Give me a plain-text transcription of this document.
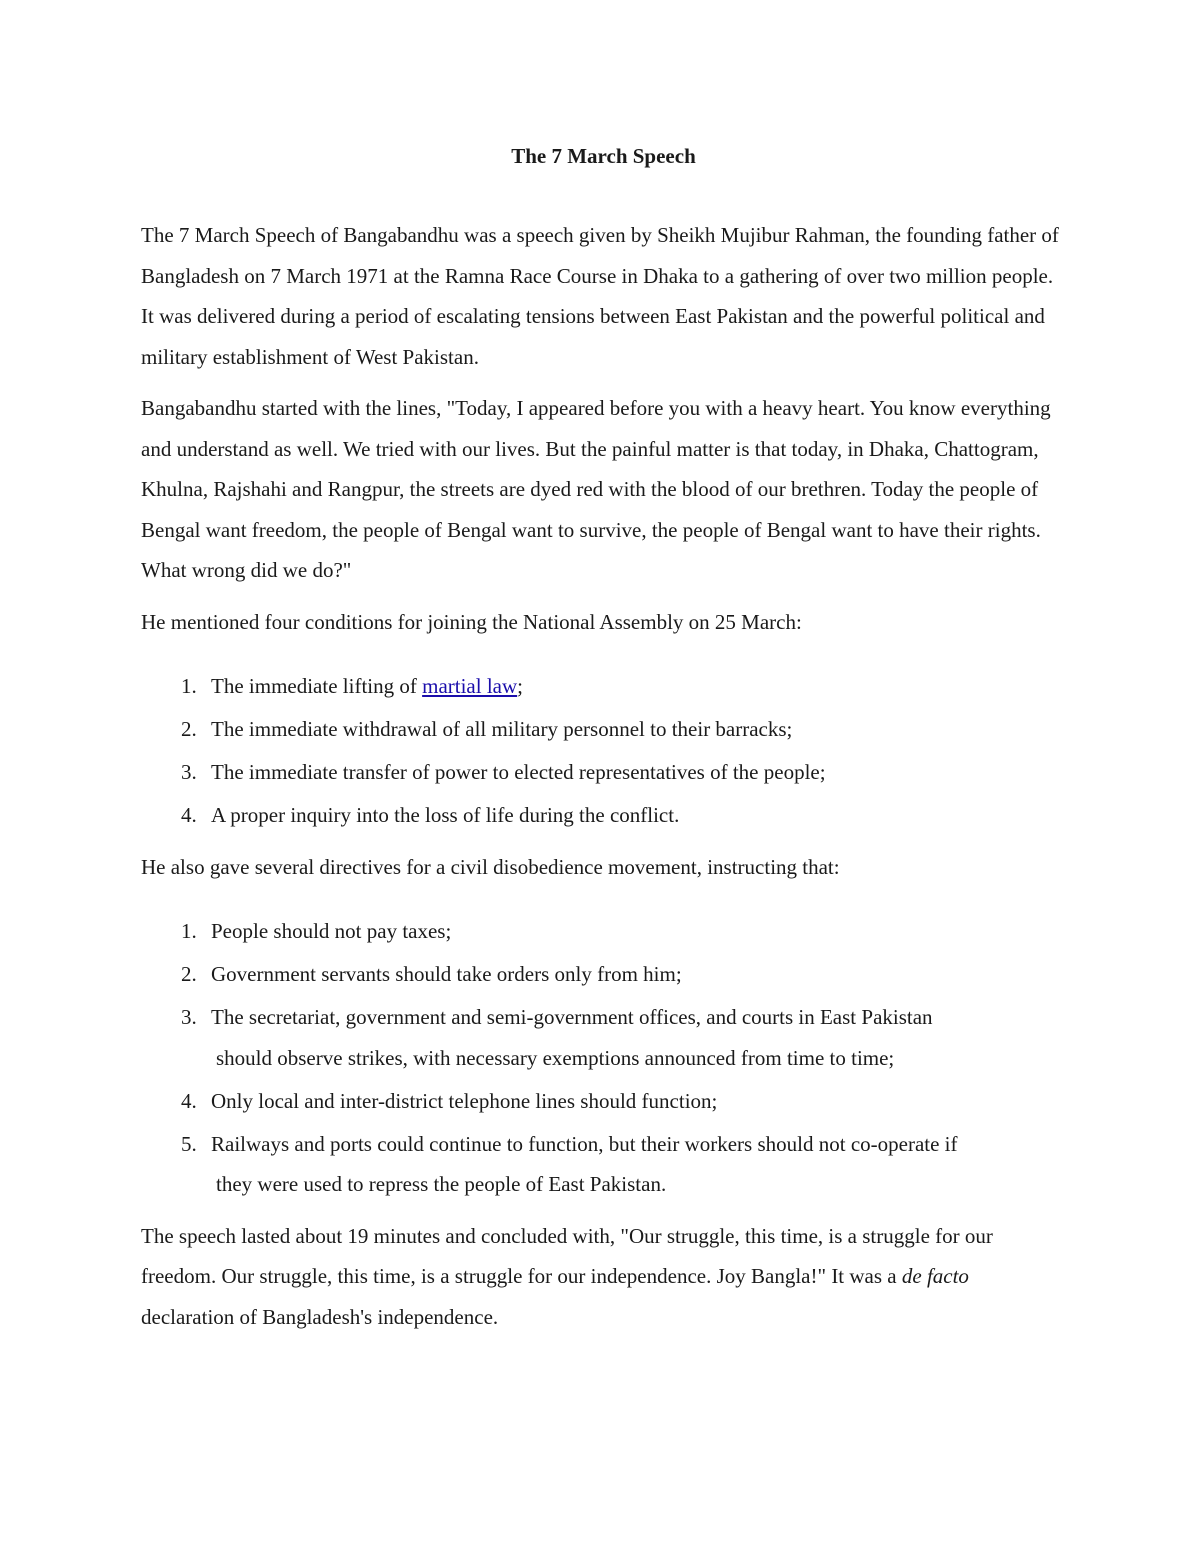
The 7 March Speech

The 7 March Speech of Bangabandhu was a speech given by Sheikh Mujibur Rahman, the founding father of Bangladesh on 7 March 1971 at the Ramna Race Course in Dhaka to a gathering of over two million people. It was delivered during a period of escalating tensions between East Pakistan and the powerful political and military establishment of West Pakistan.

Bangabandhu started with the lines, "Today, I appeared before you with a heavy heart. You know everything and understand as well. We tried with our lives. But the painful matter is that today, in Dhaka, Chattogram, Khulna, Rajshahi and Rangpur, the streets are dyed red with the blood of our brethren. Today the people of Bengal want freedom, the people of Bengal want to survive, the people of Bengal want to have their rights. What wrong did we do?"

He mentioned four conditions for joining the National Assembly on 25 March:

1. The immediate lifting of martial law;
2. The immediate withdrawal of all military personnel to their barracks;
3. The immediate transfer of power to elected representatives of the people;
4. A proper inquiry into the loss of life during the conflict.

He also gave several directives for a civil disobedience movement, instructing that:

1. People should not pay taxes;
2. Government servants should take orders only from him;
3. The secretariat, government and semi-government offices, and courts in East Pakistan
should observe strikes, with necessary exemptions announced from time to time;
4. Only local and inter-district telephone lines should function;
5. Railways and ports could continue to function, but their workers should not co-operate if
they were used to repress the people of East Pakistan.

The speech lasted about 19 minutes and concluded with, "Our struggle, this time, is a struggle for our freedom. Our struggle, this time, is a struggle for our independence. Joy Bangla!" It was a de facto declaration of Bangladesh's independence.
